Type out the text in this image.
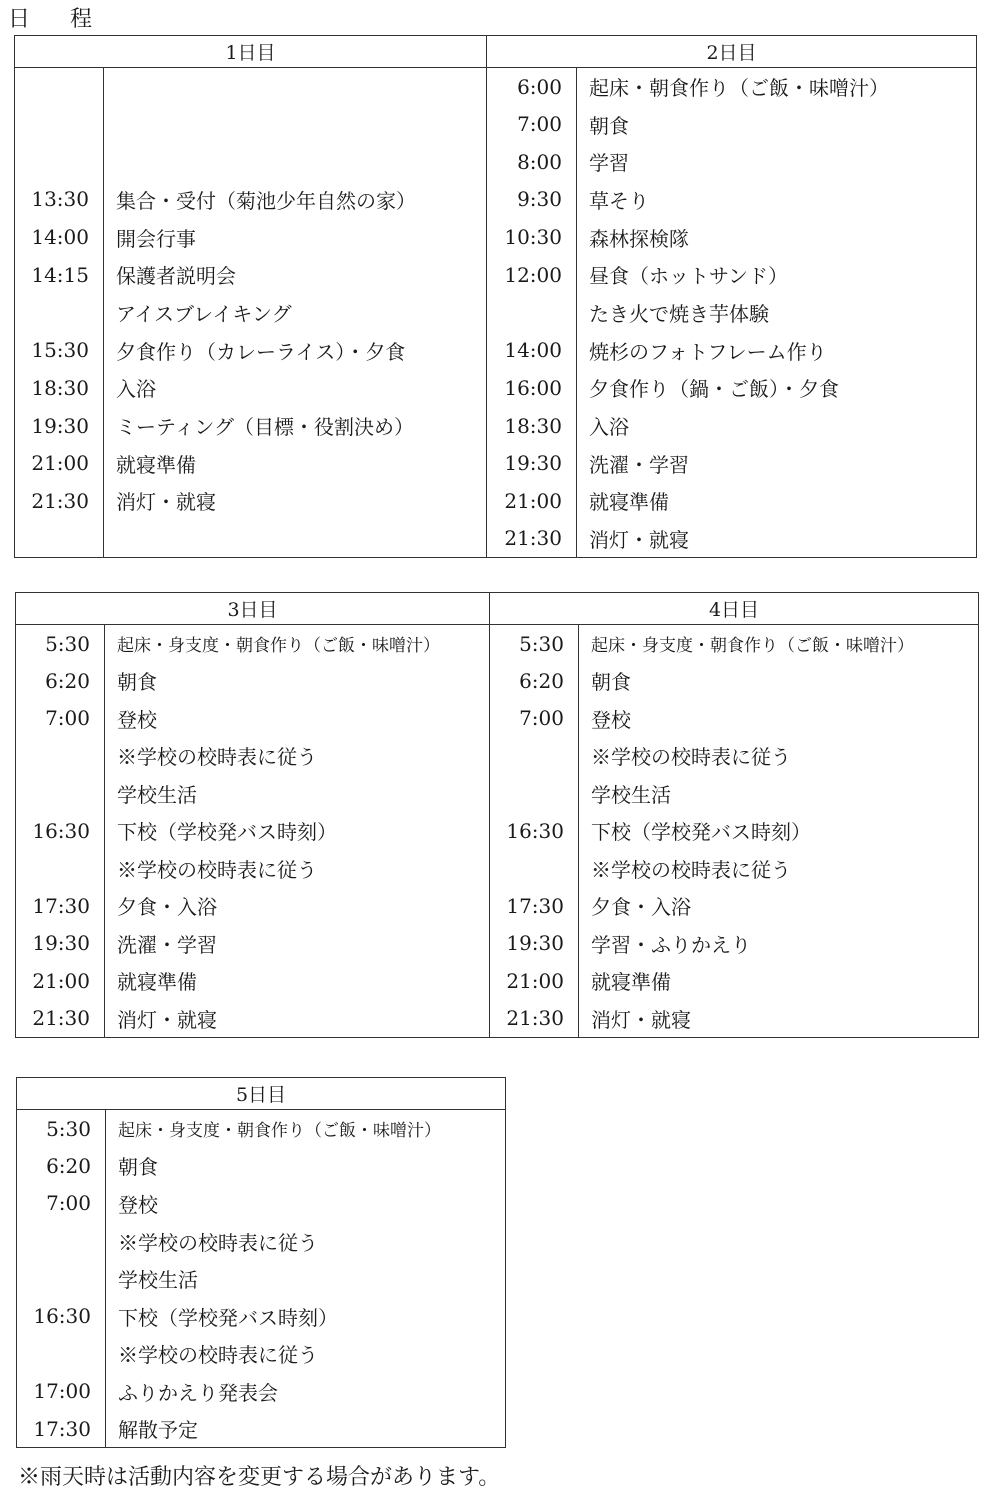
日 程
1日目	

13:30	集合・受付（菊池少年自然の家）
14:00	開会行事
14:15	保護者説明会
	アイスブレイキング
15:30	夕食作り（カレーライス）・夕食
18:30	入浴
19:30	ミーティング（目標・役割決め）
21:00	就寝準備
21:30	消灯・就寝

2日目	
6:00	起床・朝食作り（ご飯・味噌汁）
7:00	朝食
8:00	学習
9:30	草そり
10:30	森林探検隊
12:00	昼食（ホットサンド）
	たき火で焼き芋体験
14:00	焼杉のフォトフレーム作り
16:00	夕食作り（鍋・ご飯）・夕食
18:30	入浴
19:30	洗濯・学習
21:00	就寝準備
21:30	消灯・就寝
3日目	
5:30	起床・身支度・朝食作り（ご飯・味噌汁）
6:20	朝食
7:00	登校
	※学校の校時表に従う
	学校生活
16:30	下校（学校発バス時刻）
	※学校の校時表に従う
17:30	夕食・入浴
19:30	洗濯・学習
21:00	就寝準備
21:30	消灯・就寝
4日目	
5:30	起床・身支度・朝食作り（ご飯・味噌汁）
6:20	朝食
7:00	登校
	※学校の校時表に従う
	学校生活
16:30	下校（学校発バス時刻）
	※学校の校時表に従う
17:30	夕食・入浴
19:30	学習・ふりかえり
21:00	就寝準備
21:30	消灯・就寝
5日目	
5:30	起床・身支度・朝食作り（ご飯・味噌汁）
6:20	朝食
7:00	登校
	※学校の校時表に従う
	学校生活
16:30	下校（学校発バス時刻）
	※学校の校時表に従う
17:00	ふりかえり発表会
17:30	解散予定
※雨天時は活動内容を変更する場合があります。
